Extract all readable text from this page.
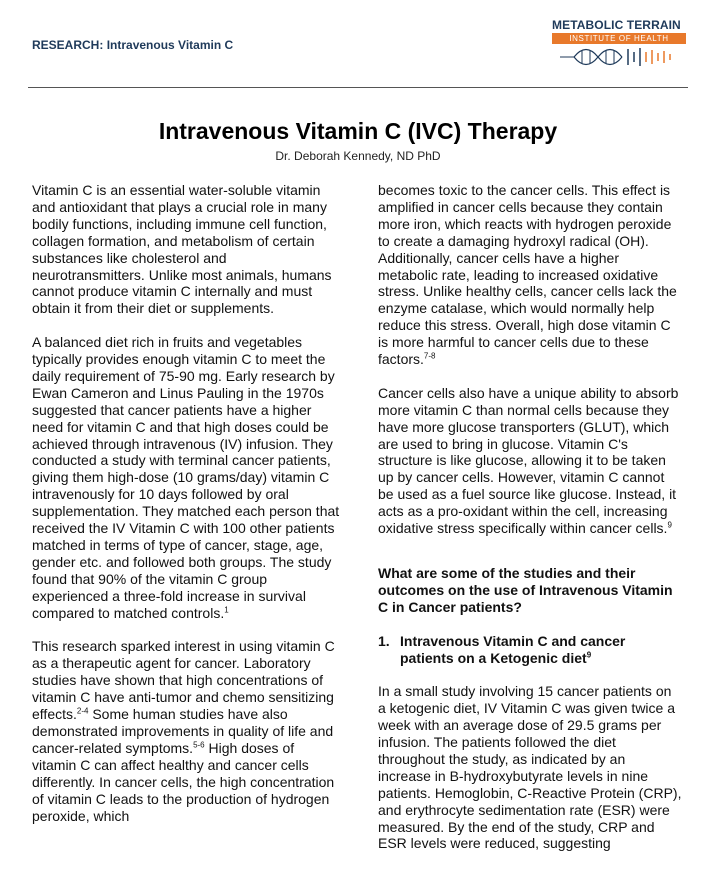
RESEARCH: Intravenous Vitamin C
METABOLIC TERRAIN
INSTITUTE OF HEALTH
Intravenous Vitamin C (IVC) Therapy
Dr. Deborah Kennedy, ND PhD

Vitamin C is an essential water-soluble vitamin and antioxidant that plays a crucial role in many bodily functions, including immune cell function, collagen formation, and metabolism of certain substances like cholesterol and neurotransmitters. Unlike most animals, humans cannot produce vitamin C internally and must obtain it from their diet or supplements.

A balanced diet rich in fruits and vegetables typically provides enough vitamin C to meet the daily requirement of 75-90 mg. Early research by Ewan Cameron and Linus Pauling in the 1970s suggested that cancer patients have a higher need for vitamin C and that high doses could be achieved through intravenous (IV) infusion. They conducted a study with terminal cancer patients, giving them high-dose (10 grams/day) vitamin C intravenously for 10 days followed by oral supplementation. They matched each person that received the IV Vitamin C with 100 other patients matched in terms of type of cancer, stage, age, gender etc. and followed both groups. The study found that 90% of the vitamin C group experienced a three-fold increase in survival compared to matched controls.$^1$

This research sparked interest in using vitamin C as a therapeutic agent for cancer. Laboratory studies have shown that high concentrations of vitamin C have anti-tumor and chemo sensitizing effects.$^{2-4}$ Some human studies have also demonstrated improvements in quality of life and cancer-related symptoms.$^{5-6}$ High doses of vitamin C can affect healthy and cancer cells differently. In cancer cells, the high concentration of vitamin C leads to the production of hydrogen peroxide, which

becomes toxic to the cancer cells. This effect is amplified in cancer cells because they contain more iron, which reacts with hydrogen peroxide to create a damaging hydroxyl radical (OH). Additionally, cancer cells have a higher metabolic rate, leading to increased oxidative stress. Unlike healthy cells, cancer cells lack the enzyme catalase, which would normally help reduce this stress. Overall, high dose vitamin C is more harmful to cancer cells due to these factors.$^{7-8}$

Cancer cells also have a unique ability to absorb more vitamin C than normal cells because they have more glucose transporters (GLUT), which are used to bring in glucose. Vitamin C's structure is like glucose, allowing it to be taken up by cancer cells. However, vitamin C cannot be used as a fuel source like glucose. Instead, it acts as a pro-oxidant within the cell, increasing oxidative stress specifically within cancer cells.$^9$

What are some of the studies and their outcomes on the use of Intravenous Vitamin C in Cancer patients?

1. Intravenous Vitamin C and cancer patients on a Ketogenic diet$^9$

In a small study involving 15 cancer patients on a ketogenic diet, IV Vitamin C was given twice a week with an average dose of 29.5 grams per infusion. The patients followed the diet throughout the study, as indicated by an increase in B-hydroxybutyrate levels in nine patients. Hemoglobin, C-Reactive Protein (CRP), and erythrocyte sedimentation rate (ESR) were measured. By the end of the study, CRP and ESR levels were reduced, suggesting
